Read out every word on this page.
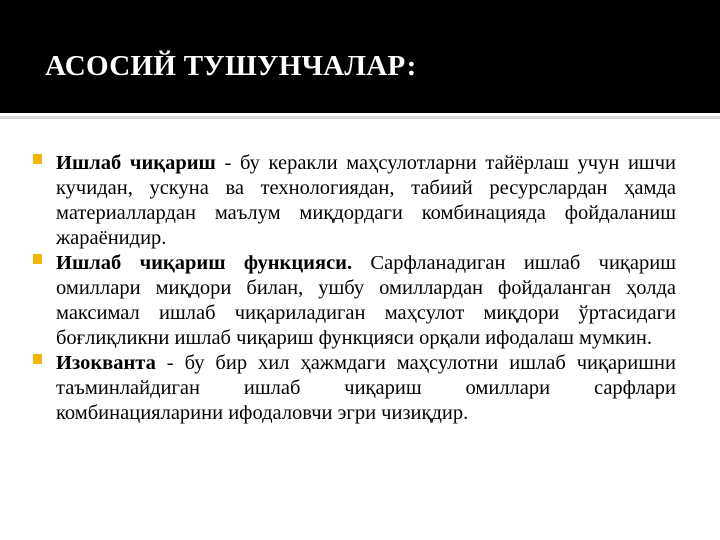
АСОСИЙ ТУШУНЧАЛАР:
Ишлаб чиқариш - бу керакли маҳсулотларни тайёрлаш учун ишчи кучидан, ускуна ва технологиядан, табиий ресурслардан ҳамда материаллардан маълум миқдордаги комбинацияда фойдаланиш жараёнидир.
Ишлаб чиқариш функцияси. Сарфланадиган ишлаб чиқариш омиллари миқдори билан, ушбу омиллардан фойдаланган ҳолда максимал ишлаб чиқариладиган маҳсулот миқдори ўртасидаги боғлиқликни ишлаб чиқариш функцияси орқали ифодалаш мумкин.
Изокванта - бу бир хил ҳажмдаги маҳсулотни ишлаб чиқаришни таъминлайдиган ишлаб чиқариш омиллари сарфлари комбинацияларини ифодаловчи эгри чизиқдир.
